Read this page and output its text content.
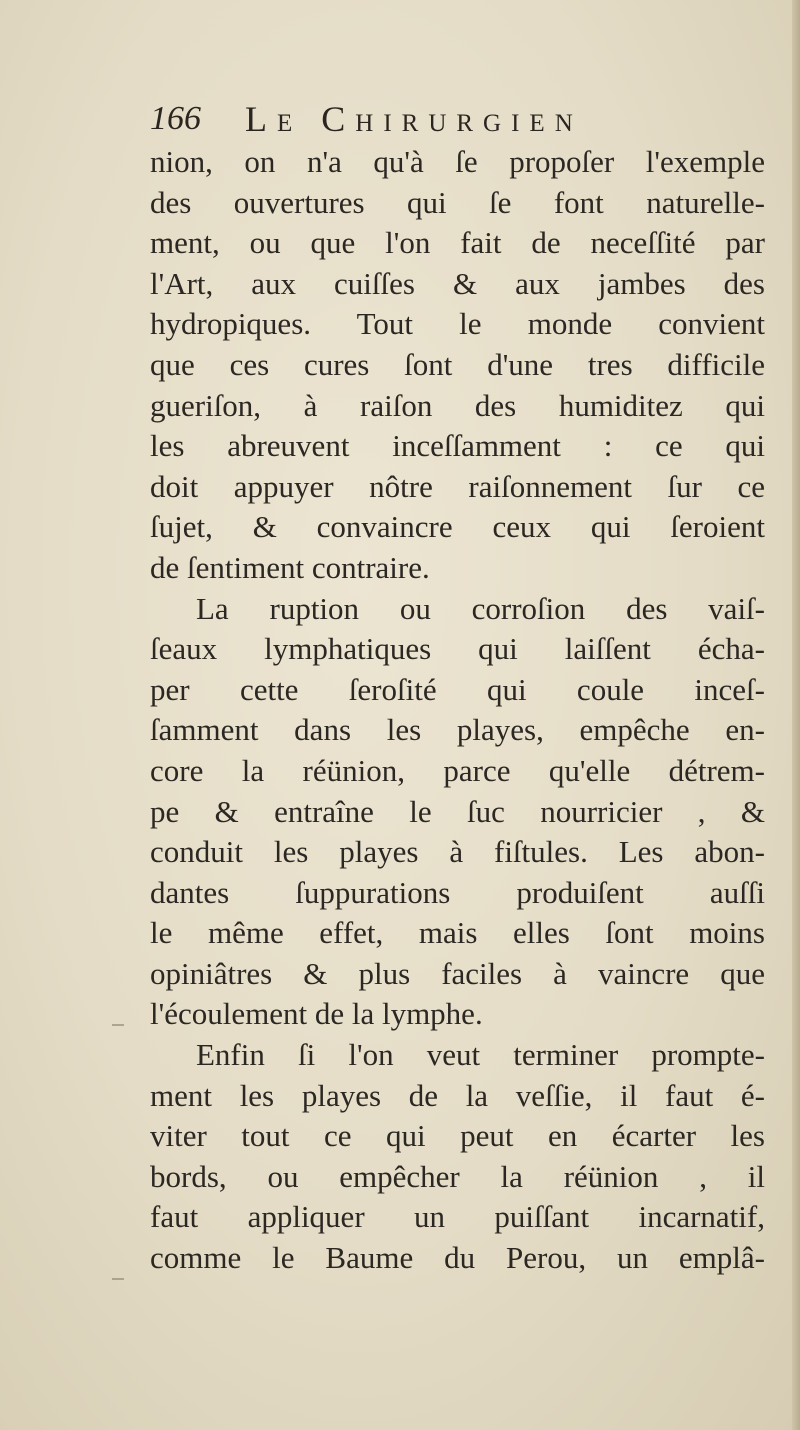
166 Le Chirurgien
nion, on n'a qu'à ſe propoſer l'exemple
des ouvertures qui ſe font naturelle-
ment, ou que l'on fait de neceſſité par
l'Art, aux cuiſſes & aux jambes des
hydropiques. Tout le monde convient
que ces cures ſont d'une tres difficile
gueriſon, à raiſon des humiditez qui
les abreuvent inceſſamment : ce qui
doit appuyer nôtre raiſonnement ſur ce
ſujet, & convaincre ceux qui ſeroient
de ſentiment contraire.
La ruption ou corroſion des vaiſ-
ſeaux lymphatiques qui laiſſent écha-
per cette ſeroſité qui coule inceſ-
ſamment dans les playes, empêche en-
core la réünion, parce qu'elle détrem-
pe & entraîne le ſuc nourricier , &
conduit les playes à fiſtules. Les abon-
dantes ſuppurations produiſent auſſi
le même effet, mais elles ſont moins
opiniâtres & plus faciles à vaincre que
l'écoulement de la lymphe.
Enfin ſi l'on veut terminer prompte-
ment les playes de la veſſie, il faut é-
viter tout ce qui peut en écarter les
bords, ou empêcher la réünion , il
faut appliquer un puiſſant incarnatif,
comme le Baume du Perou, un emplâ-
